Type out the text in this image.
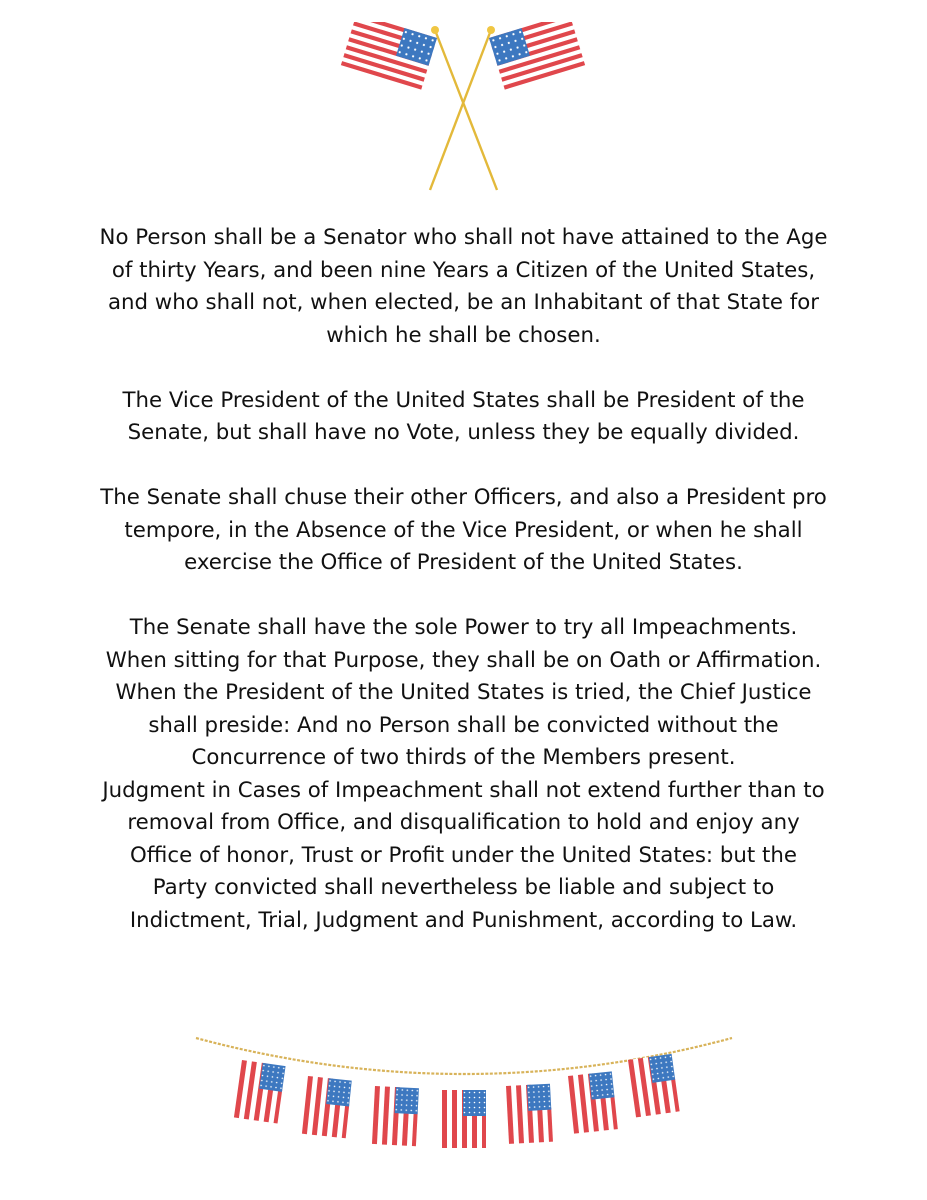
No Person shall be a Senator who shall not have attained to the Age
of thirty Years, and been nine Years a Citizen of the United States,
and who shall not, when elected, be an Inhabitant of that State for
which he shall be chosen.

The Vice President of the United States shall be President of the
Senate, but shall have no Vote, unless they be equally divided.

The Senate shall chuse their other Officers, and also a President pro
tempore, in the Absence of the Vice President, or when he shall
exercise the Office of President of the United States.

The Senate shall have the sole Power to try all Impeachments.
When sitting for that Purpose, they shall be on Oath or Affirmation.
When the President of the United States is tried, the Chief Justice
shall preside: And no Person shall be convicted without the
Concurrence of two thirds of the Members present.
Judgment in Cases of Impeachment shall not extend further than to
removal from Office, and disqualification to hold and enjoy any
Office of honor, Trust or Profit under the United States: but the
Party convicted shall nevertheless be liable and subject to
Indictment, Trial, Judgment and Punishment, according to Law.
